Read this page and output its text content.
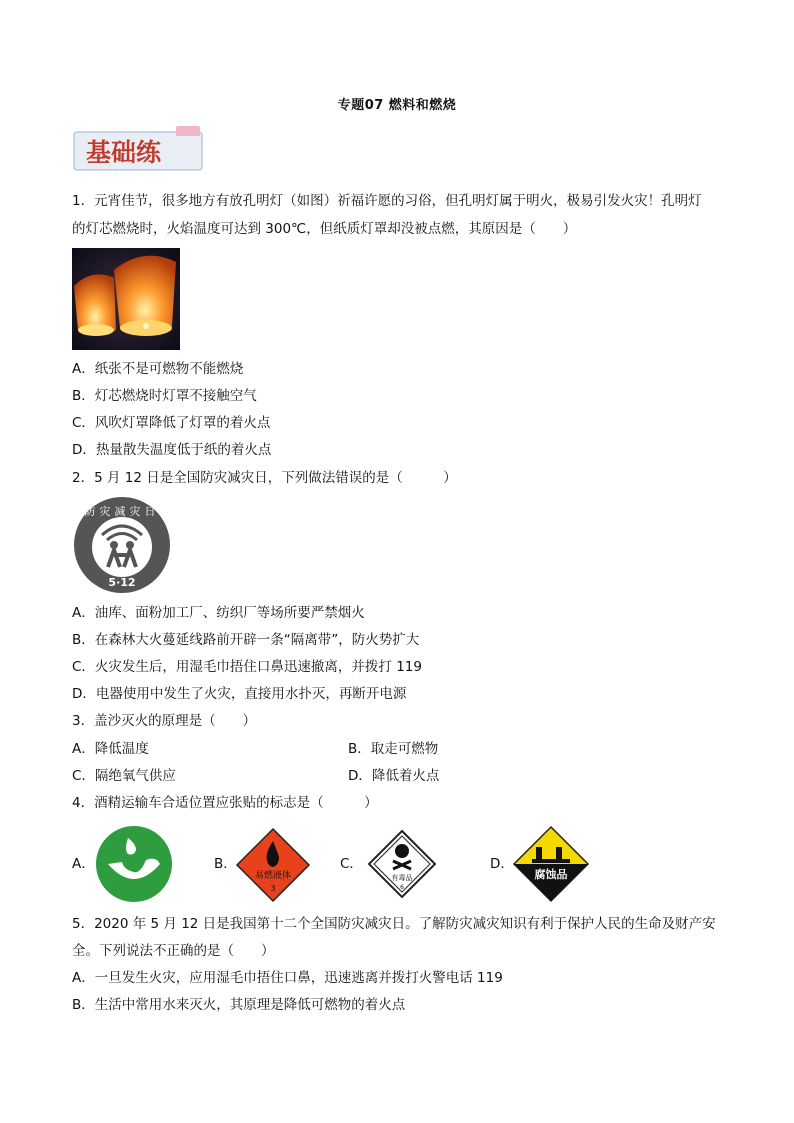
专题07 燃料和燃烧
基础练
1．元宵佳节，很多地方有放孔明灯（如图）祈福许愿的习俗，但孔明灯属于明火，极易引发火灾！孔明灯
的灯芯燃烧时，火焰温度可达到 300℃，但纸质灯罩却没被点燃，其原因是（　　）
A．纸张不是可燃物不能燃烧
B．灯芯燃烧时灯罩不接触空气
C．风吹灯罩降低了灯罩的着火点
D．热量散失温度低于纸的着火点
2．5 月 12 日是全国防灾减灾日，下列做法错误的是（　　　）
防灾减灾日
5·12
A．油库、面粉加工厂、纺织厂等场所要严禁烟火
B．在森林大火蔓延线路前开辟一条“隔离带”，防火势扩大
C．火灾发生后，用湿毛巾捂住口鼻迅速撤离，并拨打 119
D．电器使用中发生了火灾，直接用水扑灭，再断开电源
3．盖沙灭火的原理是（　　）
A．降低温度	B．取走可燃物
C．隔绝氧气供应	D．降低着火点
4．酒精运输车合适位置应张贴的标志是（　　　）
A．	B．
易燃液体
3
C．
有毒品
6
D．
腐蚀品
5．2020 年 5 月 12 日是我国第十二个全国防灾减灾日。了解防灾减灾知识有利于保护人民的生命及财产安
全。下列说法不正确的是（　　）
A．一旦发生火灾，应用湿毛巾捂住口鼻，迅速逃离并拨打火警电话 119
B．生活中常用水来灭火，其原理是降低可燃物的着火点
